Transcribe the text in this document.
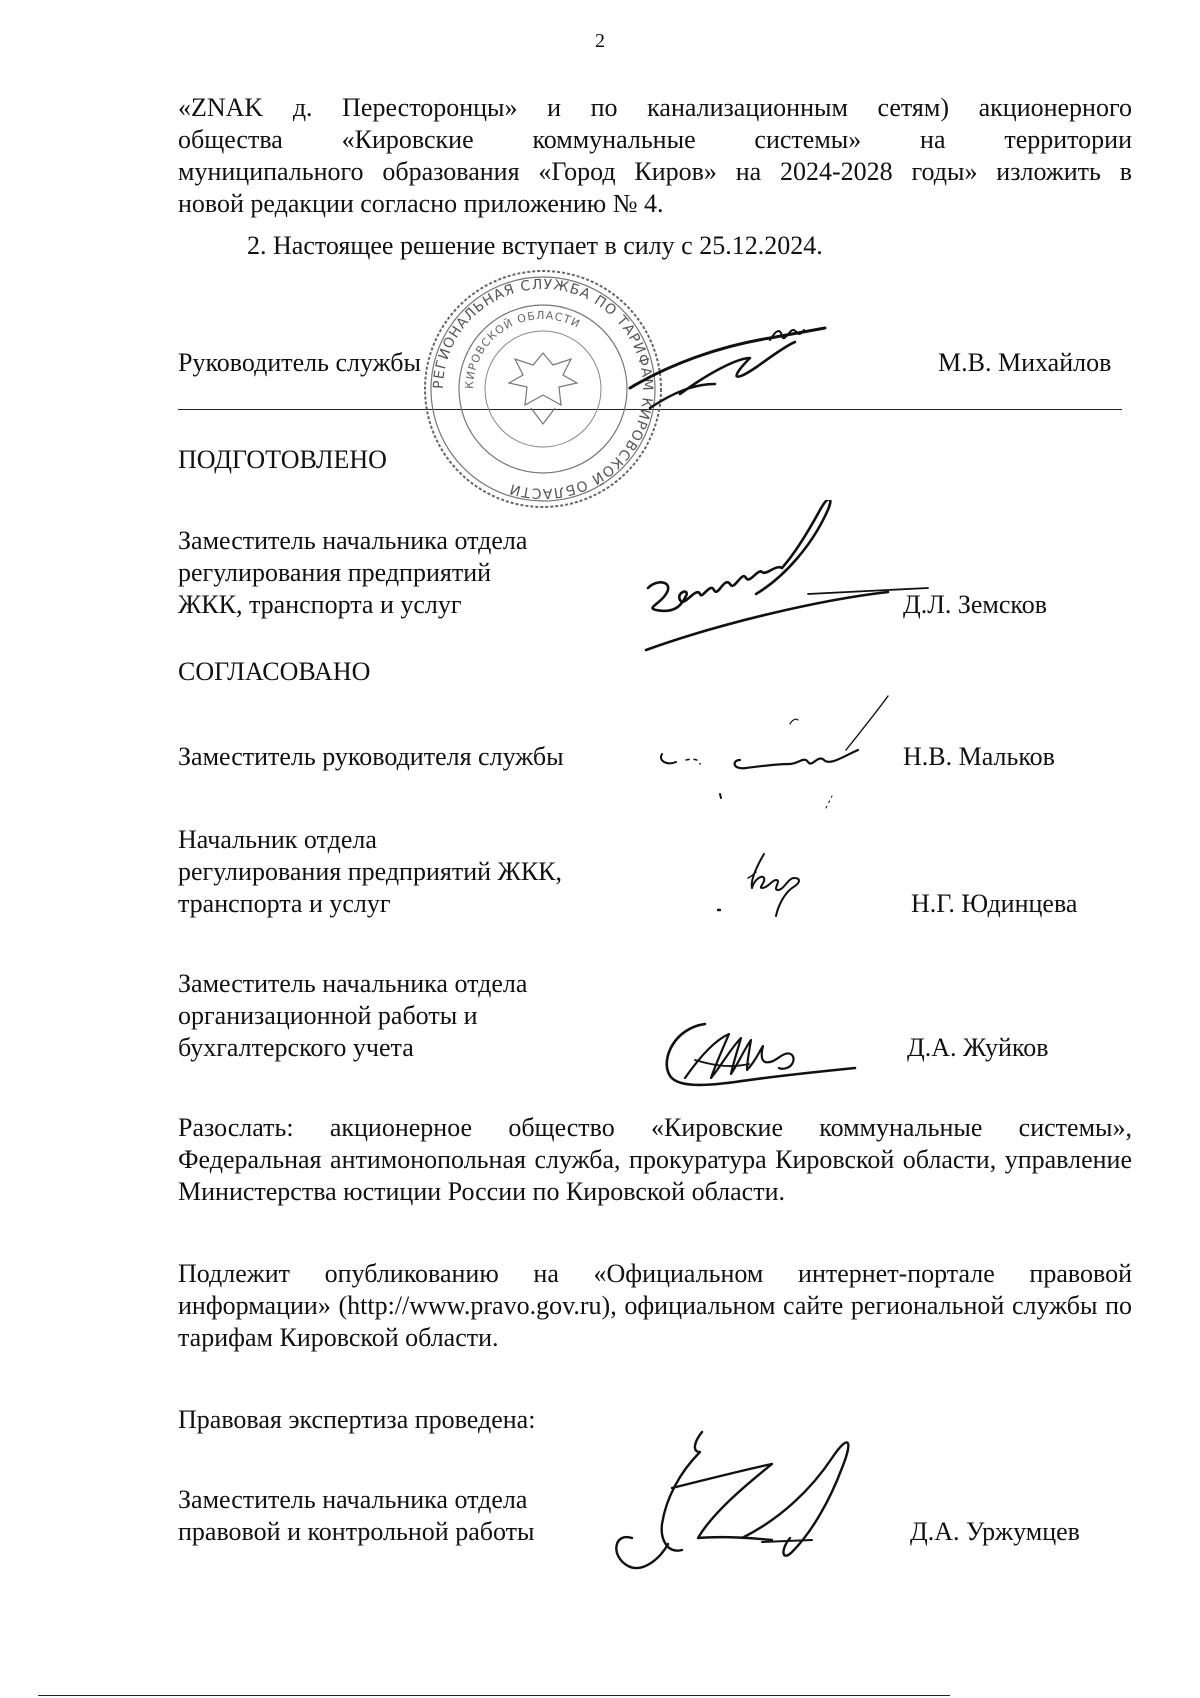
2
«ZNAK д. Пересторонцы» и по канализационным сетям) акционерного
общества «Кировские коммунальные системы» на территории
муниципального образования «Город Киров» на 2024-2028 годы» изложить в
новой редакции согласно приложению № 4.
2. Настоящее решение вступает в силу с 25.12.2024.
Руководитель службы	М.В. Михайлов
РЕГИОНАЛЬНАЯ СЛУЖБА ПО ТАРИФАМ КИРОВСКОЙ ОБЛАСТИ
КИРОВСКОЙ ОБЛАСТИ
ПОДГОТОВЛЕНО
Заместитель начальника отдела
регулирования предприятий
ЖКК, транспорта и услуг	Д.Л. Земсков
СОГЛАСОВАНО
Заместитель руководителя службы	Н.В. Мальков
Начальник отдела
регулирования предприятий ЖКК,
транспорта и услуг	Н.Г. Юдинцева
Заместитель начальника отдела
организационной работы и
бухгалтерского учета	Д.А. Жуйков
Разослать: акционерное общество «Кировские коммунальные системы», Федеральная антимонопольная служба, прокуратура Кировской области, управление Министерства юстиции России по Кировской области.
Подлежит опубликованию на «Официальном интернет-портале правовой информации» (http://www.pravo.gov.ru), официальном сайте региональной службы по тарифам Кировской области.
Правовая экспертиза проведена:
Заместитель начальника отдела
правовой и контрольной работы	Д.А. Уржумцев
